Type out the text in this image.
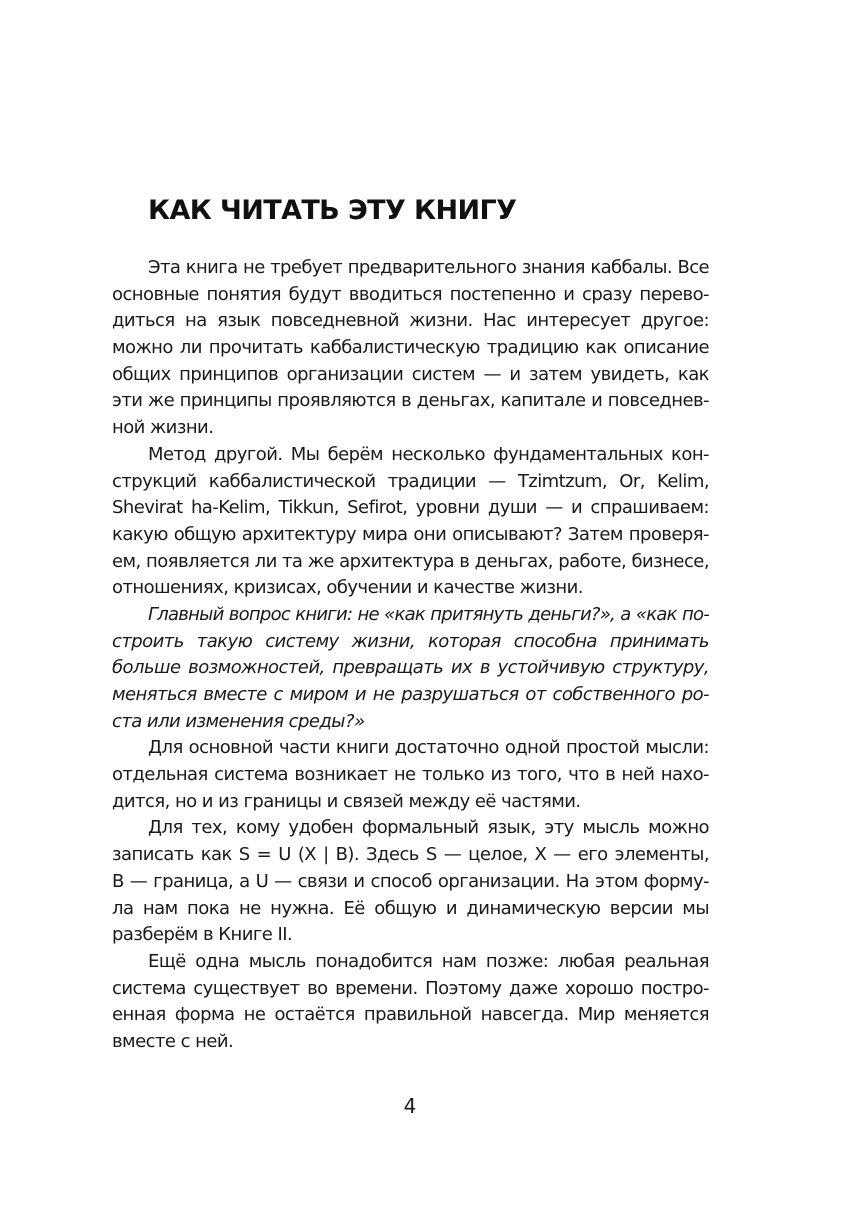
КАК ЧИТАТЬ ЭТУ КНИГУ
Эта книга не требует предварительного знания каббалы. Все
основные понятия будут вводиться постепенно и сразу перево-
диться на язык повседневной жизни. Нас интересует другое:
можно ли прочитать каббалистическую традицию как описание
общих принципов организации систем — и затем увидеть, как
эти же принципы проявляются в деньгах, капитале и повседнев-
ной жизни.
Метод другой. Мы берём несколько фундаментальных кон-
струкций каббалистической традиции — Tzimtzum, Or, Kelim,
Shevirat ha-Kelim, Tikkun, Sefirot, уровни души — и спрашиваем:
какую общую архитектуру мира они описывают? Затем проверя-
ем, появляется ли та же архитектура в деньгах, работе, бизнесе,
отношениях, кризисах, обучении и качестве жизни.
Главный вопрос книги: не «как притянуть деньги?», а «как по-
строить такую систему жизни, которая способна принимать
больше возможностей, превращать их в устойчивую структуру,
меняться вместе с миром и не разрушаться от собственного ро-
ста или изменения среды?»
Для основной части книги достаточно одной простой мысли:
отдельная система возникает не только из того, что в ней нахо-
дится, но и из границы и связей между её частями.
Для тех, кому удобен формальный язык, эту мысль можно
записать как S = U (X | B). Здесь S — целое, X — его элементы,
B — граница, а U — связи и способ организации. На этом форму-
ла нам пока не нужна. Её общую и динамическую версии мы
разберём в Книге II.
Ещё одна мысль понадобится нам позже: любая реальная
система существует во времени. Поэтому даже хорошо постро-
енная форма не остаётся правильной навсегда. Мир меняется
вместе с ней.
4
